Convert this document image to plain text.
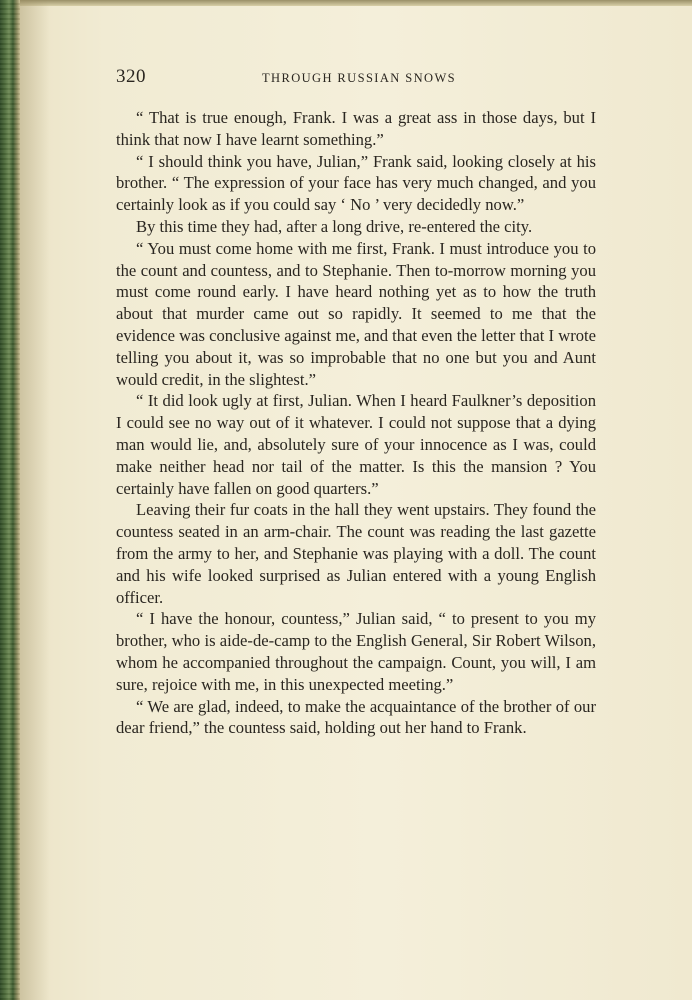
320	THROUGH RUSSIAN SNOWS

“ That is true enough, Frank. I was a great ass in those days, but I think that now I have learnt something.”

“ I should think you have, Julian,” Frank said, looking closely at his brother. “ The expression of your face has very much changed, and you certainly look as if you could say ‘ No ’ very decidedly now.”

By this time they had, after a long drive, re-entered the city.

“ You must come home with me first, Frank. I must introduce you to the count and countess, and to Stephanie. Then to-morrow morning you must come round early. I have heard nothing yet as to how the truth about that murder came out so rapidly. It seemed to me that the evidence was conclusive against me, and that even the letter that I wrote telling you about it, was so improbable that no one but you and Aunt would credit, in the slightest.”

“ It did look ugly at first, Julian. When I heard Faulkner’s deposition I could see no way out of it whatever. I could not suppose that a dying man would lie, and, absolutely sure of your innocence as I was, could make neither head nor tail of the matter. Is this the mansion ? You certainly have fallen on good quarters.”

Leaving their fur coats in the hall they went upstairs. They found the countess seated in an arm-chair. The count was reading the last gazette from the army to her, and Stephanie was playing with a doll. The count and his wife looked surprised as Julian entered with a young English officer.

“ I have the honour, countess,” Julian said, “ to present to you my brother, who is aide-de-camp to the English General, Sir Robert Wilson, whom he accompanied throughout the campaign. Count, you will, I am sure, rejoice with me, in this unexpected meeting.”

“ We are glad, indeed, to make the acquaintance of the brother of our dear friend,” the countess said, holding out her hand to Frank.
